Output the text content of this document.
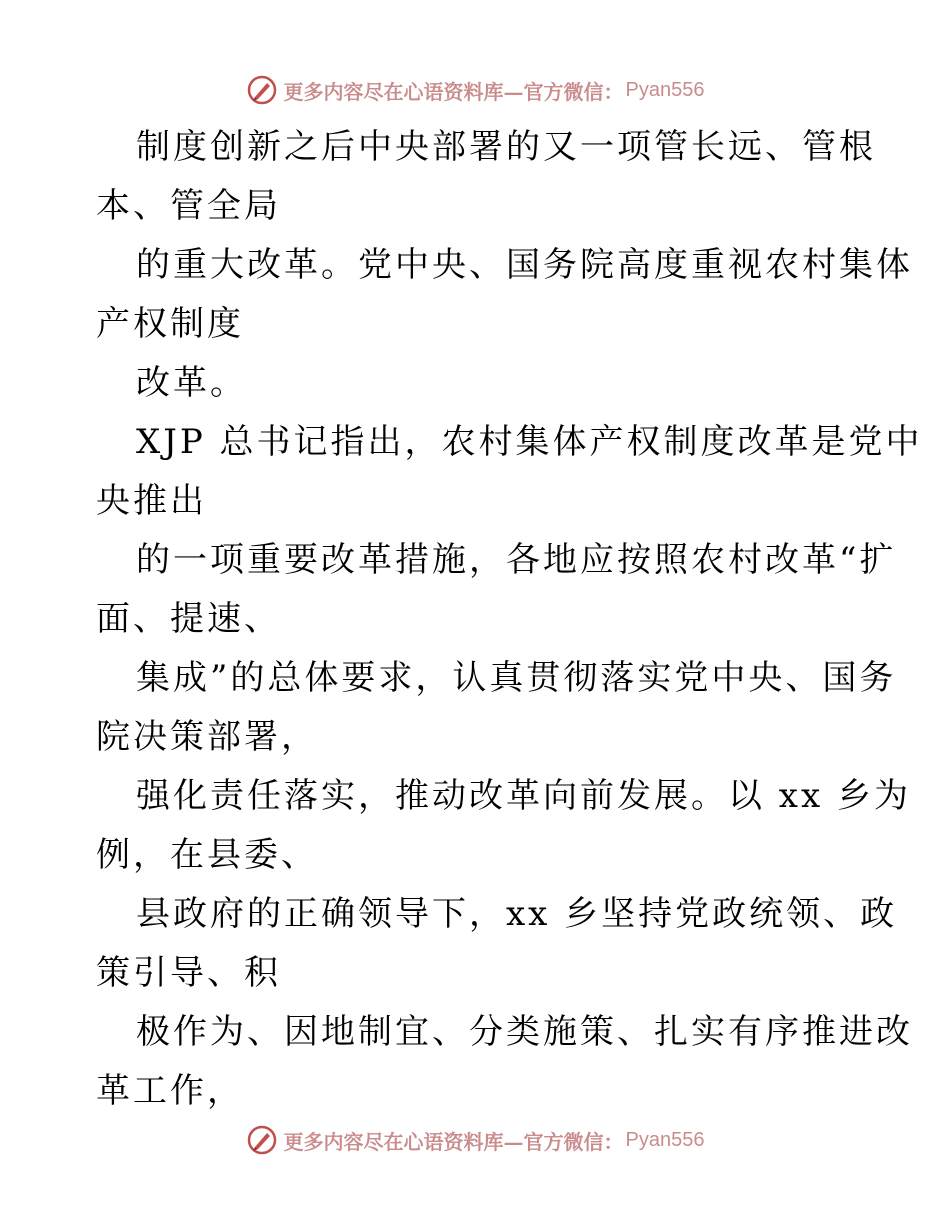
更多内容尽在心语资料库—官方微信： Pyan556
制度创新之后中央部署的又一项管长远、管根
本、管全局
的重大改革。党中央、国务院高度重视农村集体
产权制度
改革。
XJP 总书记指出，农村集体产权制度改革是党中
央推出
的一项重要改革措施，各地应按照农村改革“扩
面、提速、
集成”的总体要求，认真贯彻落实党中央、国务
院决策部署，
强化责任落实，推动改革向前发展。以 xx 乡为
例，在县委、
县政府的正确领导下，xx 乡坚持党政统领、政
策引导、积
极作为、因地制宜、分类施策、扎实有序推进改
革工作，
更多内容尽在心语资料库—官方微信： Pyan556
